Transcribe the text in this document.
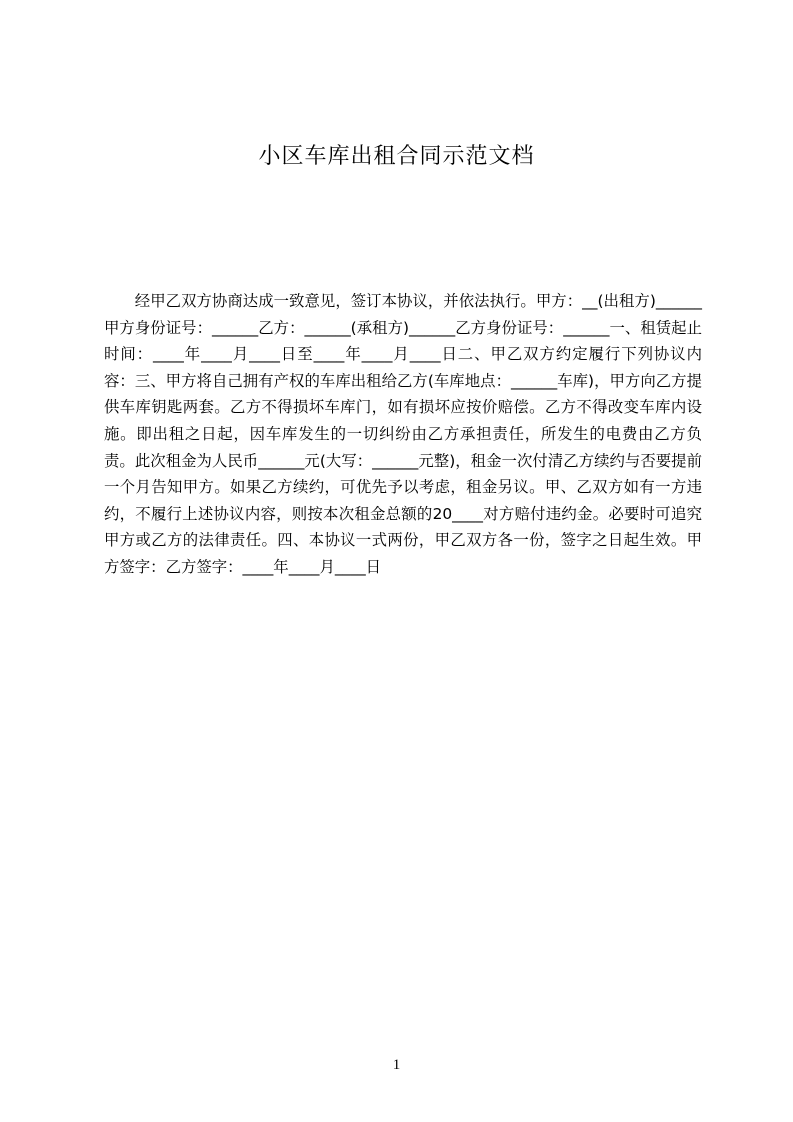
小区车库出租合同示范文档
经甲乙双方协商达成一致意见，签订本协议，并依法执行。甲方：__(出租方)______甲方身份证号：______乙方：______(承租方)______乙方身份证号：______一、租赁起止时间：____年____月____日至____年____月____日二、甲乙双方约定履行下列协议内容：三、甲方将自己拥有产权的车库出租给乙方(车库地点：______车库)，甲方向乙方提供车库钥匙两套。乙方不得损坏车库门，如有损坏应按价赔偿。乙方不得改变车库内设施。即出租之日起，因车库发生的一切纠纷由乙方承担责任，所发生的电费由乙方负责。此次租金为人民币______元(大写：______元整)，租金一次付清乙方续约与否要提前一个月告知甲方。如果乙方续约，可优先予以考虑，租金另议。甲、乙双方如有一方违约，不履行上述协议内容，则按本次租金总额的20____对方赔付违约金。必要时可追究甲方或乙方的法律责任。四、本协议一式两份，甲乙双方各一份，签字之日起生效。甲方签字：乙方签字：____年____月____日
1
